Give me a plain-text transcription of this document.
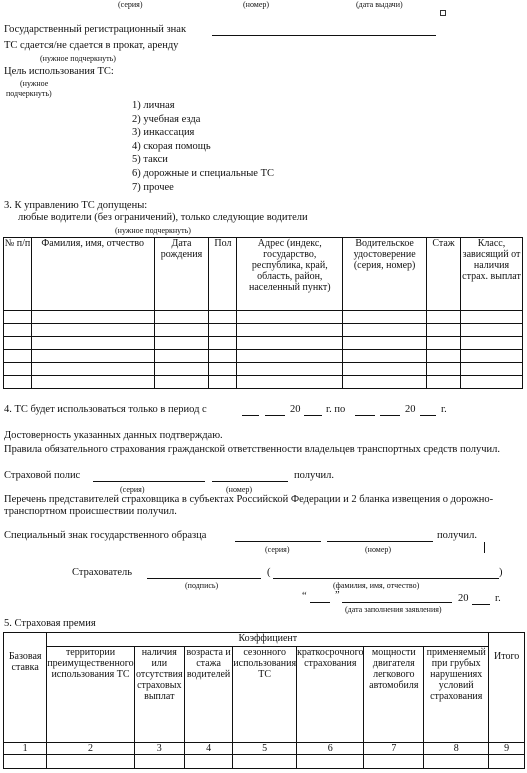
(серия)	(номер)	(дата выдачи)
Государственный регистрационный знак
ТС сдается/не сдается в прокат, аренду
(нужное подчеркнуть)
Цель использования ТС:
(нужное
подчеркнуть)
1) личная
2) учебная езда
3) инкассация
4) скорая помощь
5) такси
6) дорожные и специальные ТС
7) прочее
3. К управлению ТС допущены:
любые водители (без ограничений), только следующие водители
(нужное подчеркнуть)
№ п/п	Фамилия, имя, отчество	Дата рождения	Пол	Адрес (индекс, государство, республика, край, область, район, населенный пункт)	Водительское удостоверение (серия, номер)	Стаж	Класс, зависящий от наличия страх. выплат

4. ТС будет использоваться только в период с	20 г. по	20 г.
Достоверность указанных данных подтверждаю.
Правила обязательного страхования гражданской ответственности владельцев транспортных средств получил.
Страховой полис	получил.
(серия)	(номер)
Перечень представителей страховщика в субъектах Российской Федерации и 2 бланка извещения о дорожно-транспортном происшествии получил.
Специальный знак государственного образца	получил.
(серия)	(номер)
Страхователь	(	)
(подпись)	(фамилия, имя, отчество)
“	”	20	г.
(дата заполнения заявления)
5. Страховая премия
Базовая ставка	Коэффициент							Итого
	территории преимущественного использования ТС	наличия или отсутствия страховых выплат	возраста и стажа водителей	сезонного использования ТС	краткосрочного страхования	мощности двигателя легкового автомобиля	применяемый при грубых нарушениях условий страхования	
1	2	3	4	5	6	7	8	9
